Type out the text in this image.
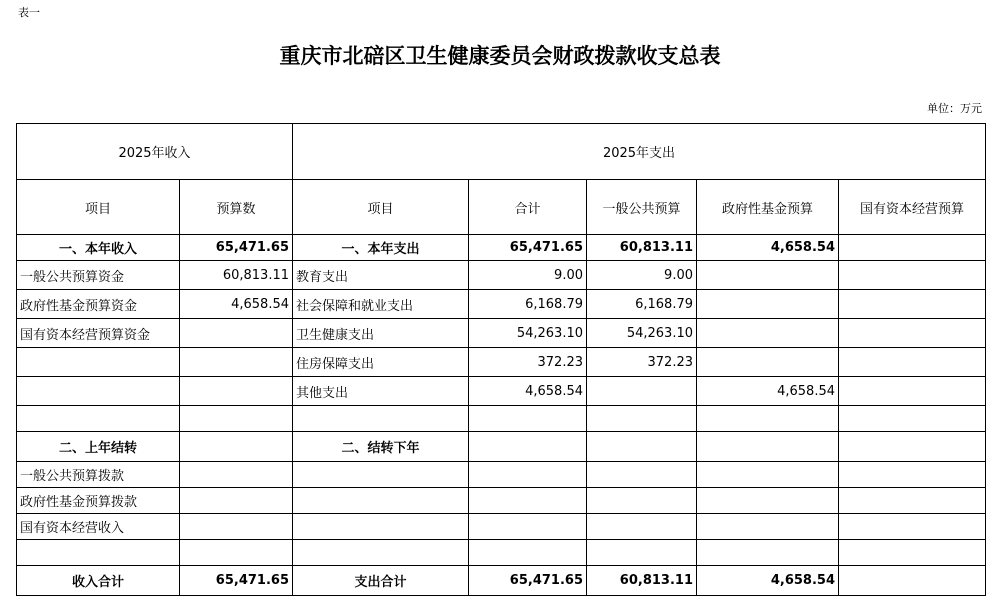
表一
重庆市北碚区卫生健康委员会财政拨款收支总表
单位：万元
2025年收入		2025年支出				
项目	预算数	项目	合计	一般公共预算	政府性基金预算	国有资本经营预算
一、本年收入	65,471.65	一、本年支出	65,471.65	60,813.11	4,658.54	
一般公共预算资金	60,813.11	教育支出	9.00	9.00		
政府性基金预算资金	4,658.54	社会保障和就业支出	6,168.79	6,168.79		
国有资本经营预算资金		卫生健康支出	54,263.10	54,263.10		
		住房保障支出	372.23	372.23		
		其他支出	4,658.54		4,658.54	

二、上年结转		二、结转下年				
一般公共预算拨款						
政府性基金预算拨款						
国有资本经营收入						

收入合计	65,471.65	支出合计	65,471.65	60,813.11	4,658.54	
